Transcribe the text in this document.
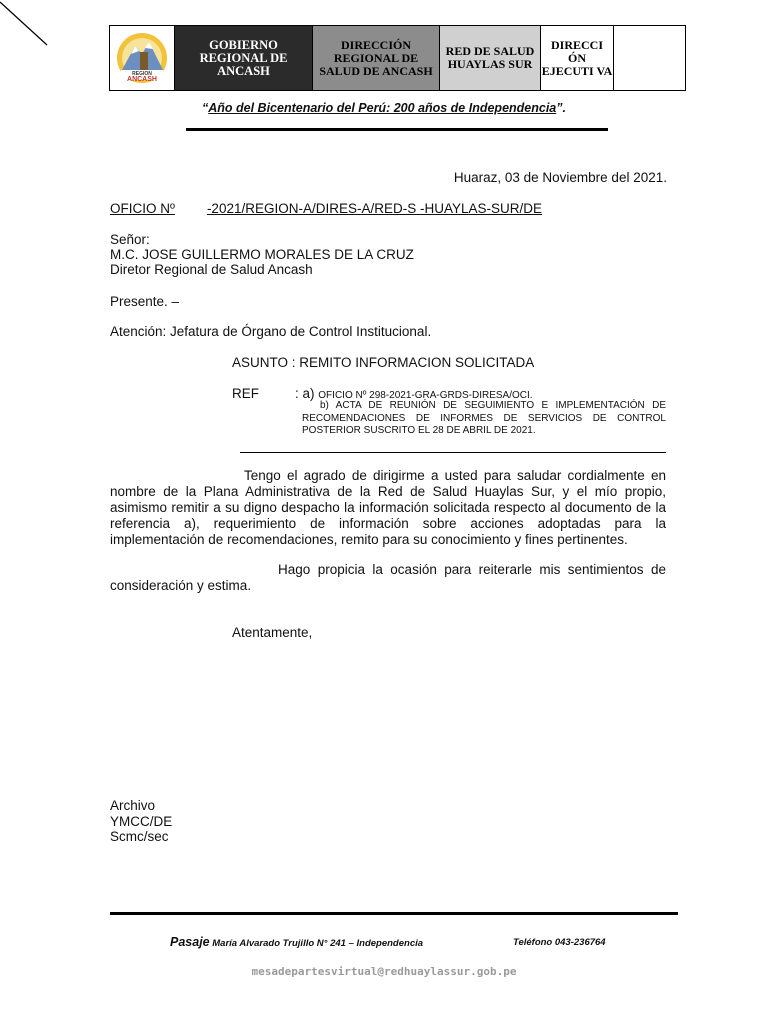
REGION
ANCASH
GOBIERNO REGIONAL DE ANCASH
DIRECCIÓN REGIONAL DE SALUD DE ANCASH
RED DE SALUD HUAYLAS SUR
DIRECCI ÓN EJECUTI VA
“Año del Bicentenario del Perú: 200 años de Independencia”.
Huaraz, 03 de Noviembre del 2021.
OFICIO Nº -2021/REGION-A/DIRES-A/RED-S -HUAYLAS-SUR/DE
Señor:
M.C. JOSE GUILLERMO MORALES DE LA CRUZ
Diretor Regional de Salud Ancash
Presente. –
Atención: Jefatura de Órgano de Control Institucional.
ASUNTO : REMITO INFORMACION SOLICITADA
REF	: a) OFICIO Nº 298-2021-GRA-GRDS-DIRESA/OCI.
b) ACTA DE REUNIÓN DE SEGUIMIENTO E IMPLEMENTACIÓN DE RECOMENDACIONES DE INFORMES DE SERVICIOS DE CONTROL POSTERIOR SUSCRITO EL 28 DE ABRIL DE 2021.
Tengo el agrado de dirigirme a usted para saludar cordialmente en nombre de la Plana Administrativa de la Red de Salud Huaylas Sur, y el mío propio, asimismo remitir a su digno despacho la información solicitada respecto al documento de la referencia a), requerimiento de información sobre acciones adoptadas para la implementación de recomendaciones, remito para su conocimiento y fines pertinentes.
Hago propicia la ocasión para reiterarle mis sentimientos de consideración y estima.
Atentamente,
Archivo
YMCC/DE
Scmc/sec
Pasaje María Alvarado Trujillo N° 241 – Independencia	Teléfono 043-236764
mesadepartesvirtual@redhuaylassur.gob.pe
